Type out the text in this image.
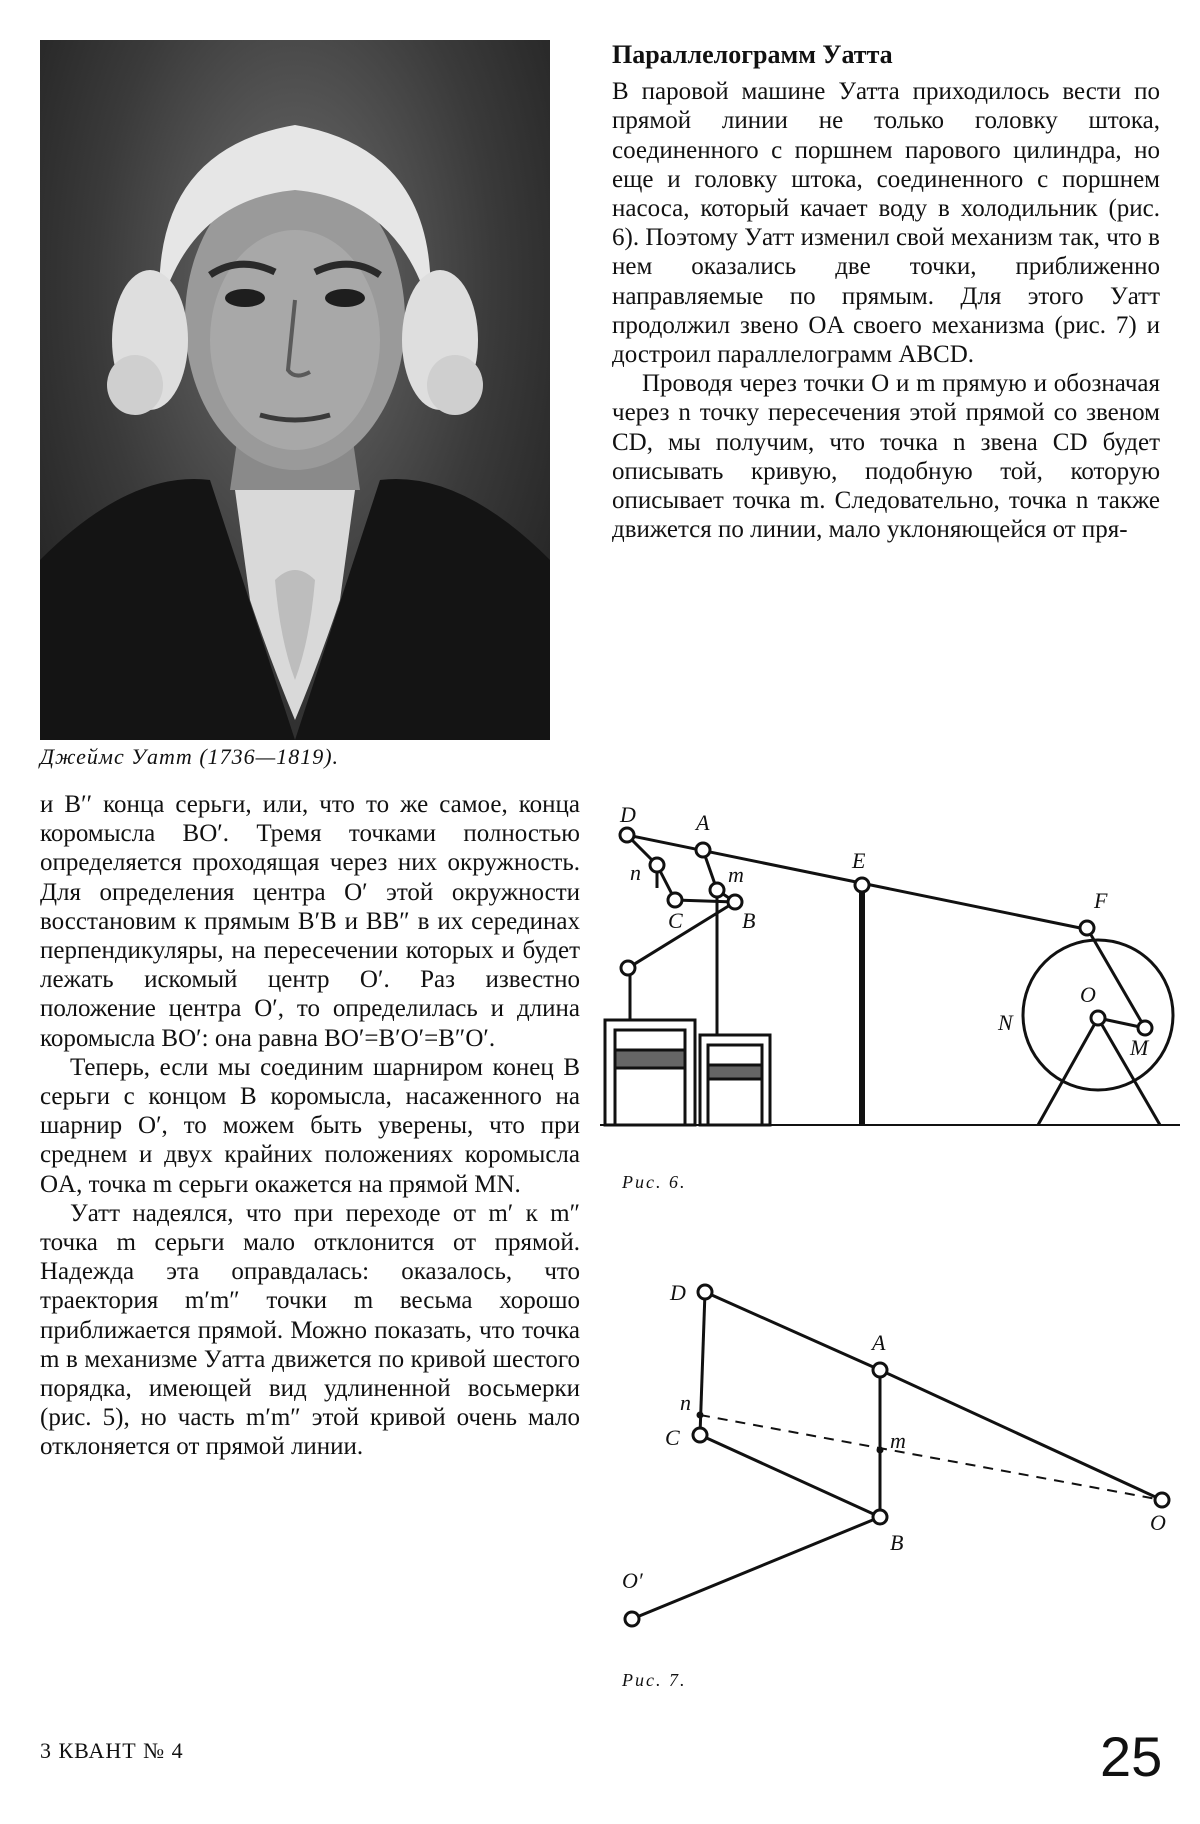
Джеймс Уатт (1736—1819).

Параллелограмм Уатта

В паровой машине Уатта приходилось вести по прямой линии не только головку штока, соединенного с поршнем парового цилиндра, но еще и головку штока, соединенного с поршнем насоса, который качает воду в холодильник (рис. 6). Поэтому Уатт изменил свой механизм так, что в нем оказались две точки, приближенно направляемые по прямым. Для этого Уатт продолжил звено OA своего механизма (рис. 7) и достроил параллелограмм ABCD.

Проводя через точки O и m прямую и обозначая через n точку пересечения этой прямой со звеном CD, мы получим, что точка n звена CD будет описывать кривую, подобную той, которую описывает точка m. Следовательно, точка n также движется по линии, мало уклоняющейся от пря-

и B′′ конца серьги, или, что то же самое, конца коромысла BO′. Тремя точками полностью определяется проходящая через них окружность. Для определения центра O′ этой окружности восстановим к прямым B′B и BB″ в их серединах перпендикуляры, на пересечении которых и будет лежать искомый центр O′. Раз известно положение центра O′, то определилась и длина коромысла BO′: она равна BO′=B′O′=B″O′.

Теперь, если мы соединим шарниром конец B серьги с концом B коромысла, насаженного на шарнир O′, то можем быть уверены, что при среднем и двух крайних положениях коромысла OA, точка m серьги окажется на прямой MN.

Уатт надеялся, что при переходе от m′ к m″ точка m серьги мало отклонится от прямой. Надежда эта оправдалась: оказалось, что траектория m′m″ точки m весьма хорошо приближается прямой. Можно показать, что точка m в механизме Уатта движется по кривой шестого порядка, имеющей вид удлиненной восьмерки (рис. 5), но часть m′m″ этой кривой очень мало отклоняется от прямой линии.

D	A
E
F
n	m
C	B
N
O
M
Рис. 6.
D
A
n
C	m
B
O
O′
Рис. 7.
3 КВАНТ № 4	25
